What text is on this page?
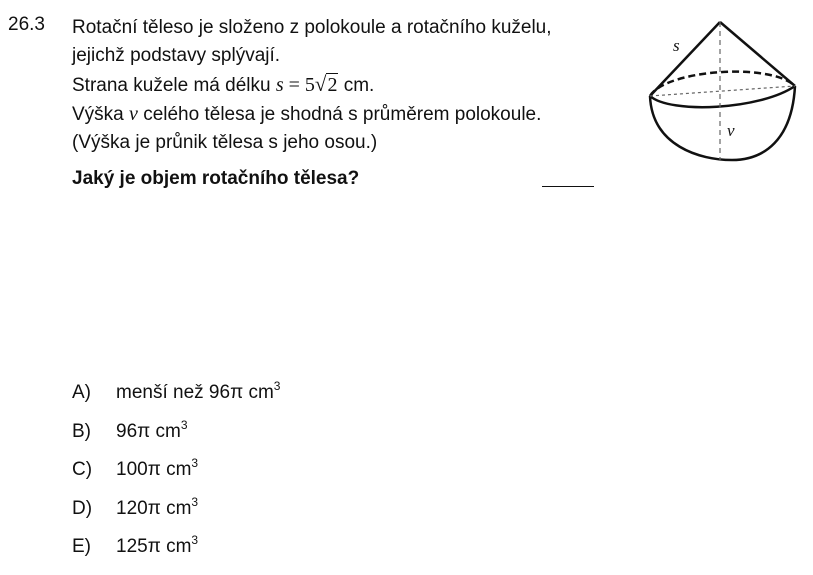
26.3 Rotační těleso je složeno z polokoule a rotačního kuželu,
jejichž podstavy splývají.
Strana kužele má délku s = 5√2 cm.
Výška v celého tělesa je shodná s průměrem polokoule.
(Výška je průnik tělesa s jeho osou.)
s
v
Jaký je objem rotačního tělesa?
A) menší než 96π $cm^3$
B)96π $cm^3$
C) 100π $cm^3$
D) 120π $cm^3$
E) 125π $cm^3$
